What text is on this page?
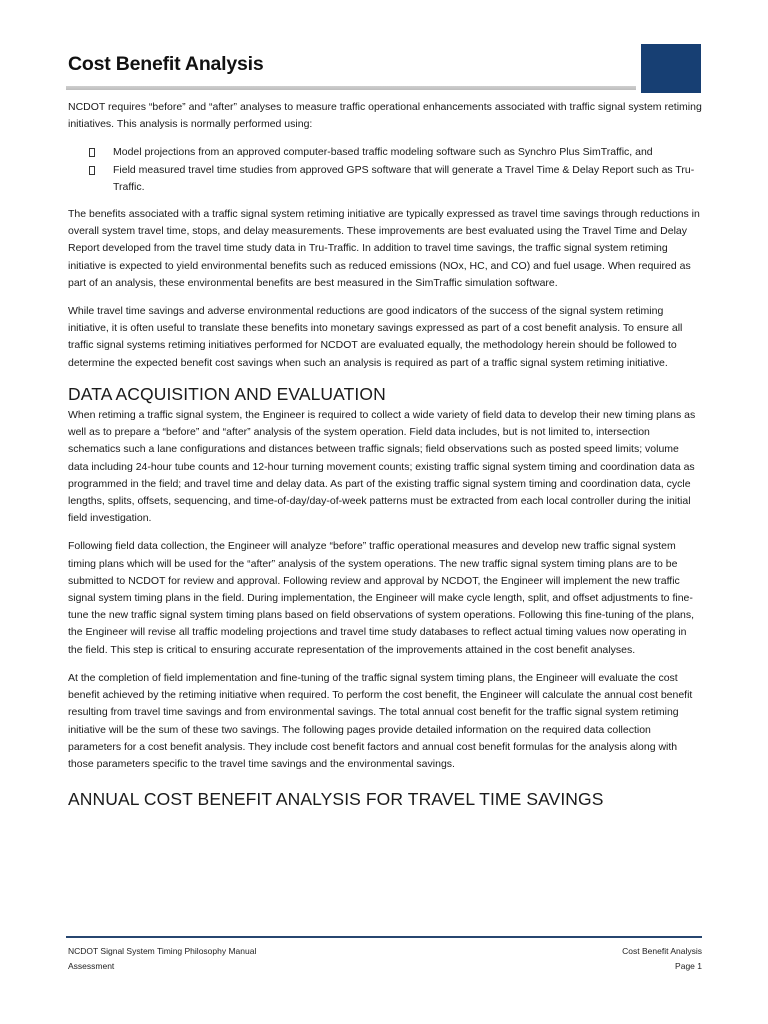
Cost Benefit Analysis

NCDOT requires “before” and “after” analyses to measure traffic operational enhancements associated with traffic signal system retiming initiatives. This analysis is normally performed using:

Model projections from an approved computer-based traffic modeling software such as Synchro Plus SimTraffic, and
Field measured travel time studies from approved GPS software that will generate a Travel Time & Delay Report such as Tru-Traffic.

The benefits associated with a traffic signal system retiming initiative are typically expressed as travel time savings through reductions in overall system travel time, stops, and delay measurements. These improvements are best evaluated using the Travel Time and Delay Report developed from the travel time study data in Tru-Traffic. In addition to travel time savings, the traffic signal system retiming initiative is expected to yield environmental benefits such as reduced emissions (NOx, HC, and CO) and fuel usage. When required as part of an analysis, these environmental benefits are best measured in the SimTraffic simulation software.

While travel time savings and adverse environmental reductions are good indicators of the success of the signal system retiming initiative, it is often useful to translate these benefits into monetary savings expressed as part of a cost benefit analysis. To ensure all traffic signal systems retiming initiatives performed for NCDOT are evaluated equally, the methodology herein should be followed to determine the expected benefit cost savings when such an analysis is required as part of a traffic signal system retiming initiative.

DATA ACQUISITION AND EVALUATION

When retiming a traffic signal system, the Engineer is required to collect a wide variety of field data to develop their new timing plans as well as to prepare a “before” and “after” analysis of the system operation. Field data includes, but is not limited to, intersection schematics such a lane configurations and distances between traffic signals; field observations such as posted speed limits; volume data including 24-hour tube counts and 12-hour turning movement counts; existing traffic signal system timing and coordination data as programmed in the field; and travel time and delay data. As part of the existing traffic signal system timing and coordination data, cycle lengths, splits, offsets, sequencing, and time-of-day/day-of-week patterns must be extracted from each local controller during the initial field investigation.

Following field data collection, the Engineer will analyze “before” traffic operational measures and develop new traffic signal system timing plans which will be used for the “after” analysis of the system operations. The new traffic signal system timing plans are to be submitted to NCDOT for review and approval. Following review and approval by NCDOT, the Engineer will implement the new traffic signal system timing plans in the field. During implementation, the Engineer will make cycle length, split, and offset adjustments to fine-tune the new traffic signal system timing plans based on field observations of system operations. Following this fine-tuning of the plans, the Engineer will revise all traffic modeling projections and travel time study databases to reflect actual timing values now operating in the field. This step is critical to ensuring accurate representation of the improvements attained in the cost benefit analyses.

At the completion of field implementation and fine-tuning of the traffic signal system timing plans, the Engineer will evaluate the cost benefit achieved by the retiming initiative when required. To perform the cost benefit, the Engineer will calculate the annual cost benefit resulting from travel time savings and from environmental savings. The total annual cost benefit for the traffic signal system retiming initiative will be the sum of these two savings. The following pages provide detailed information on the required data collection parameters for a cost benefit analysis. They include cost benefit factors and annual cost benefit formulas for the analysis along with those parameters specific to the travel time savings and the environmental savings.

ANNUAL COST BENEFIT ANALYSIS FOR TRAVEL TIME SAVINGS
NCDOT Signal System Timing Philosophy Manual
Assessment
Cost Benefit Analysis
Page 1
